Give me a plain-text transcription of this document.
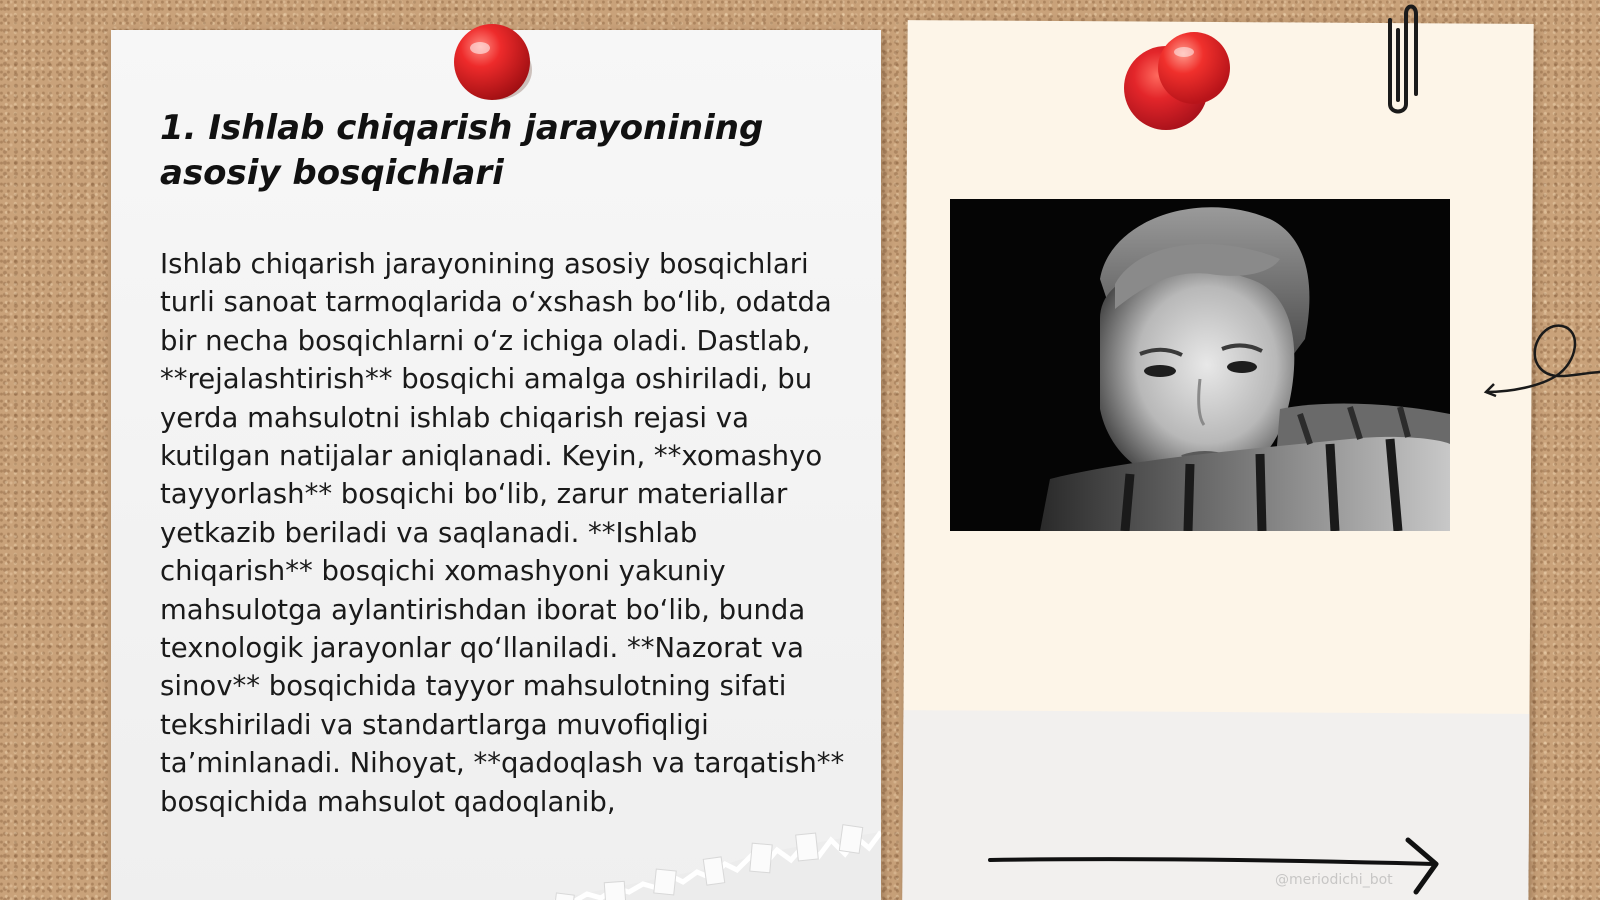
1. Ishlab chiqarish jarayonining asosiy bosqichlari

Ishlab chiqarish jarayonining asosiy bosqichlari turli sanoat tarmoqlarida o‘xshash bo‘lib, odatda bir necha bosqichlarni o‘z ichiga oladi. Dastlab, **rejalashtirish** bosqichi amalga oshiriladi, bu yerda mahsulotni ishlab chiqarish rejasi va kutilgan natijalar aniqlanadi. Keyin, **xomashyo tayyorlash** bosqichi bo‘lib, zarur materiallar yetkazib beriladi va saqlanadi. **Ishlab chiqarish** bosqichi xomashyoni yakuniy mahsulotga aylantirishdan iborat bo‘lib, bunda texnologik jarayonlar qo‘llaniladi. **Nazorat va sinov** bosqichida tayyor mahsulotning sifati tekshiriladi va standartlarga muvofiqligi ta’minlanadi. Nihoyat, **qadoqlash va tarqatish** bosqichida mahsulot qadoqlanib,

@meriodichi_bot
